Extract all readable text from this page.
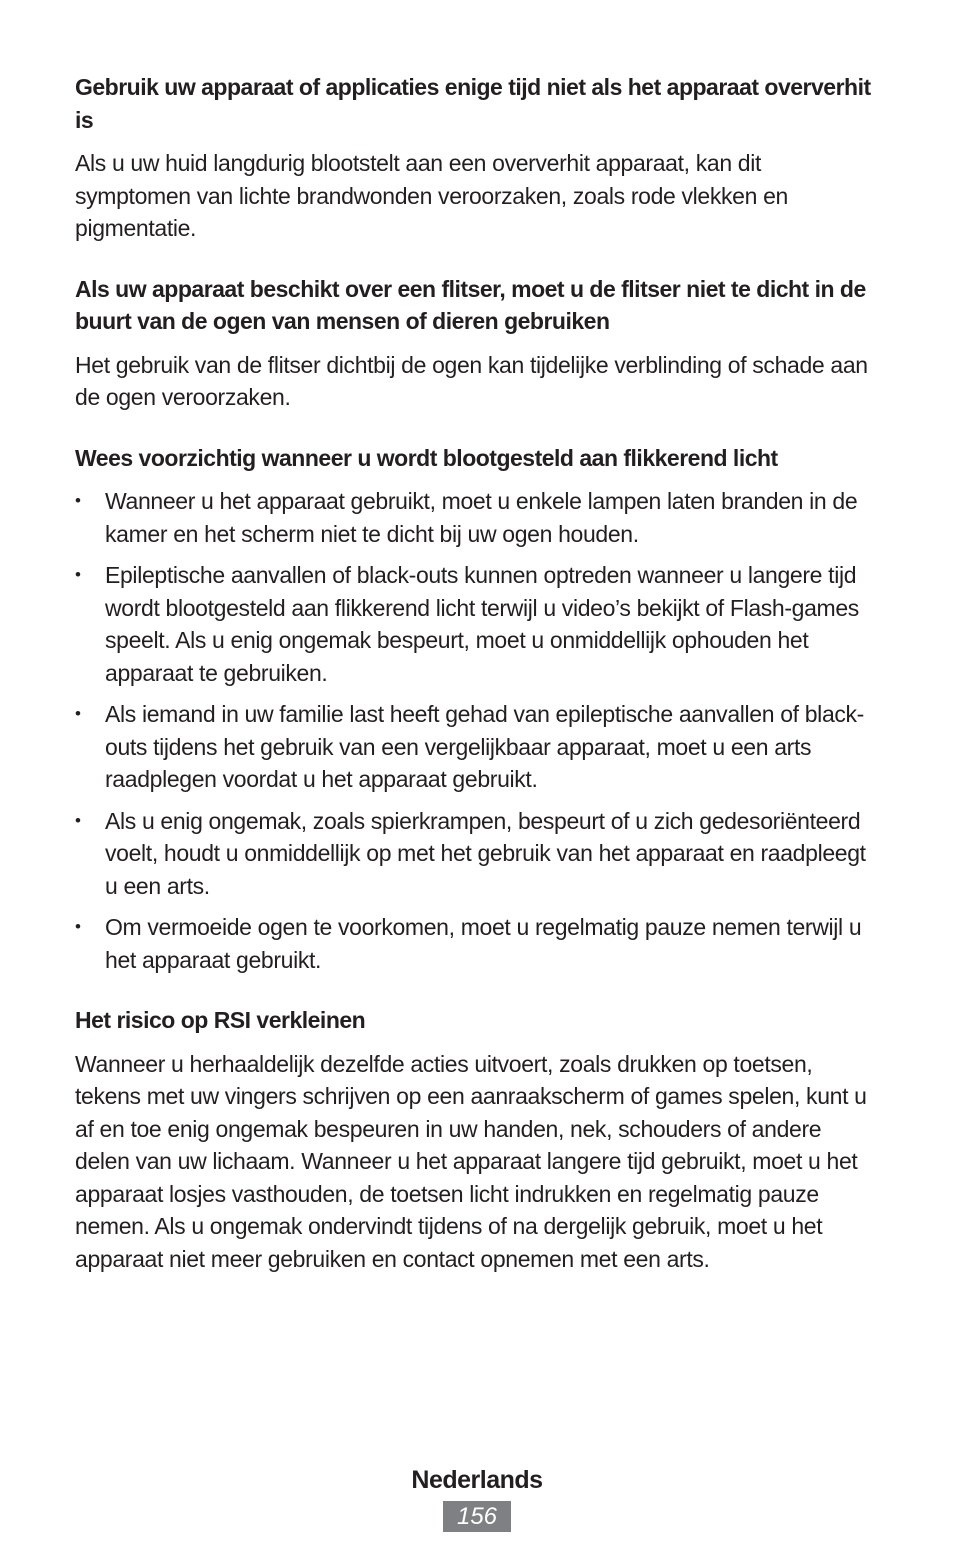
Gebruik uw apparaat of applicaties enige tijd niet als het apparaat oververhit is

Als u uw huid langdurig blootstelt aan een oververhit apparaat, kan dit symptomen van lichte brandwonden veroorzaken, zoals rode vlekken en pigmentatie.

Als uw apparaat beschikt over een flitser, moet u de flitser niet te dicht in de buurt van de ogen van mensen of dieren gebruiken

Het gebruik van de flitser dichtbij de ogen kan tijdelijke verblinding of schade aan de ogen veroorzaken.

Wees voorzichtig wanneer u wordt blootgesteld aan flikkerend licht
• Wanneer u het apparaat gebruikt, moet u enkele lampen laten branden in de kamer en het scherm niet te dicht bij uw ogen houden.
• Epileptische aanvallen of black-outs kunnen optreden wanneer u langere tijd wordt blootgesteld aan flikkerend licht terwijl u video’s bekijkt of Flash-games speelt. Als u enig ongemak bespeurt, moet u onmiddellijk ophouden het apparaat te gebruiken.
• Als iemand in uw familie last heeft gehad van epileptische aanvallen of black-outs tijdens het gebruik van een vergelijkbaar apparaat, moet u een arts raadplegen voordat u het apparaat gebruikt.
• Als u enig ongemak, zoals spierkrampen, bespeurt of u zich gedesoriënteerd voelt, houdt u onmiddellijk op met het gebruik van het apparaat en raadpleegt u een arts.
• Om vermoeide ogen te voorkomen, moet u regelmatig pauze nemen terwijl u het apparaat gebruikt.
Het risico op RSI verkleinen

Wanneer u herhaaldelijk dezelfde acties uitvoert, zoals drukken op toetsen, tekens met uw vingers schrijven op een aanraakscherm of games spelen, kunt u af en toe enig ongemak bespeuren in uw handen, nek, schouders of andere delen van uw lichaam. Wanneer u het apparaat langere tijd gebruikt, moet u het apparaat losjes vasthouden, de toetsen licht indrukken en regelmatig pauze nemen. Als u ongemak ondervindt tijdens of na dergelijk gebruik, moet u het apparaat niet meer gebruiken en contact opnemen met een arts.

Nederlands
156
